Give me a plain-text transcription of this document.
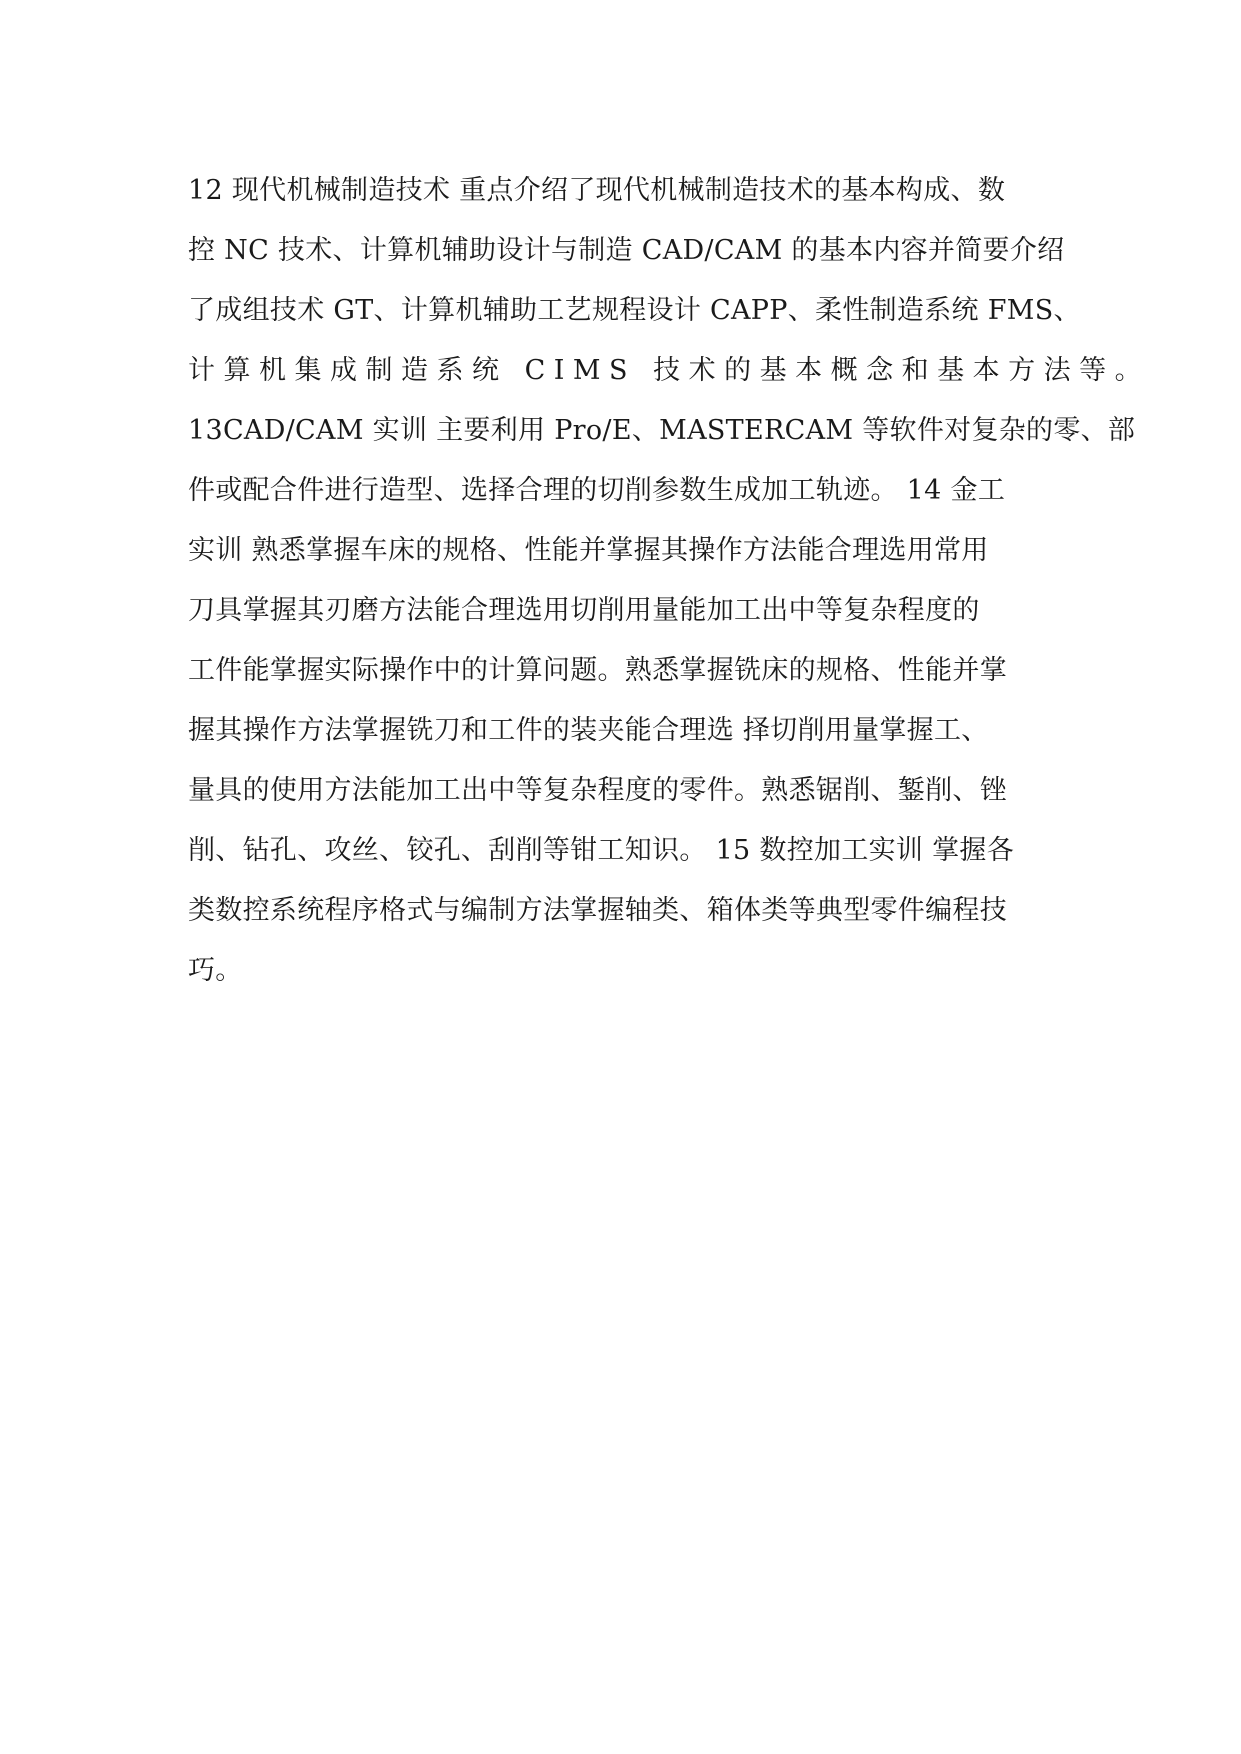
12 现代机械制造技术 重点介绍了现代机械制造技术的基本构成、数
控 NC 技术、计算机辅助设计与制造 CAD/CAM 的基本内容并简要介绍
了成组技术 GT、计算机辅助工艺规程设计 CAPP、柔性制造系统 FMS、
计算机集成制造系统 CIMS 技术的基本概念和基本方法等。
13CAD/CAM 实训 主要利用 Pro/E、MASTERCAM 等软件对复杂的零、部
件或配合件进行造型、选择合理的切削参数生成加工轨迹。 14 金工
实训 熟悉掌握车床的规格、性能并掌握其操作方法能合理选用常用
刀具掌握其刃磨方法能合理选用切削用量能加工出中等复杂程度的
工件能掌握实际操作中的计算问题。熟悉掌握铣床的规格、性能并掌
握其操作方法掌握铣刀和工件的装夹能合理选 择切削用量掌握工、
量具的使用方法能加工出中等复杂程度的零件。熟悉锯削、錾削、锉
削、钻孔、攻丝、铰孔、刮削等钳工知识。 15 数控加工实训 掌握各
类数控系统程序格式与编制方法掌握轴类、箱体类等典型零件编程技
巧。
